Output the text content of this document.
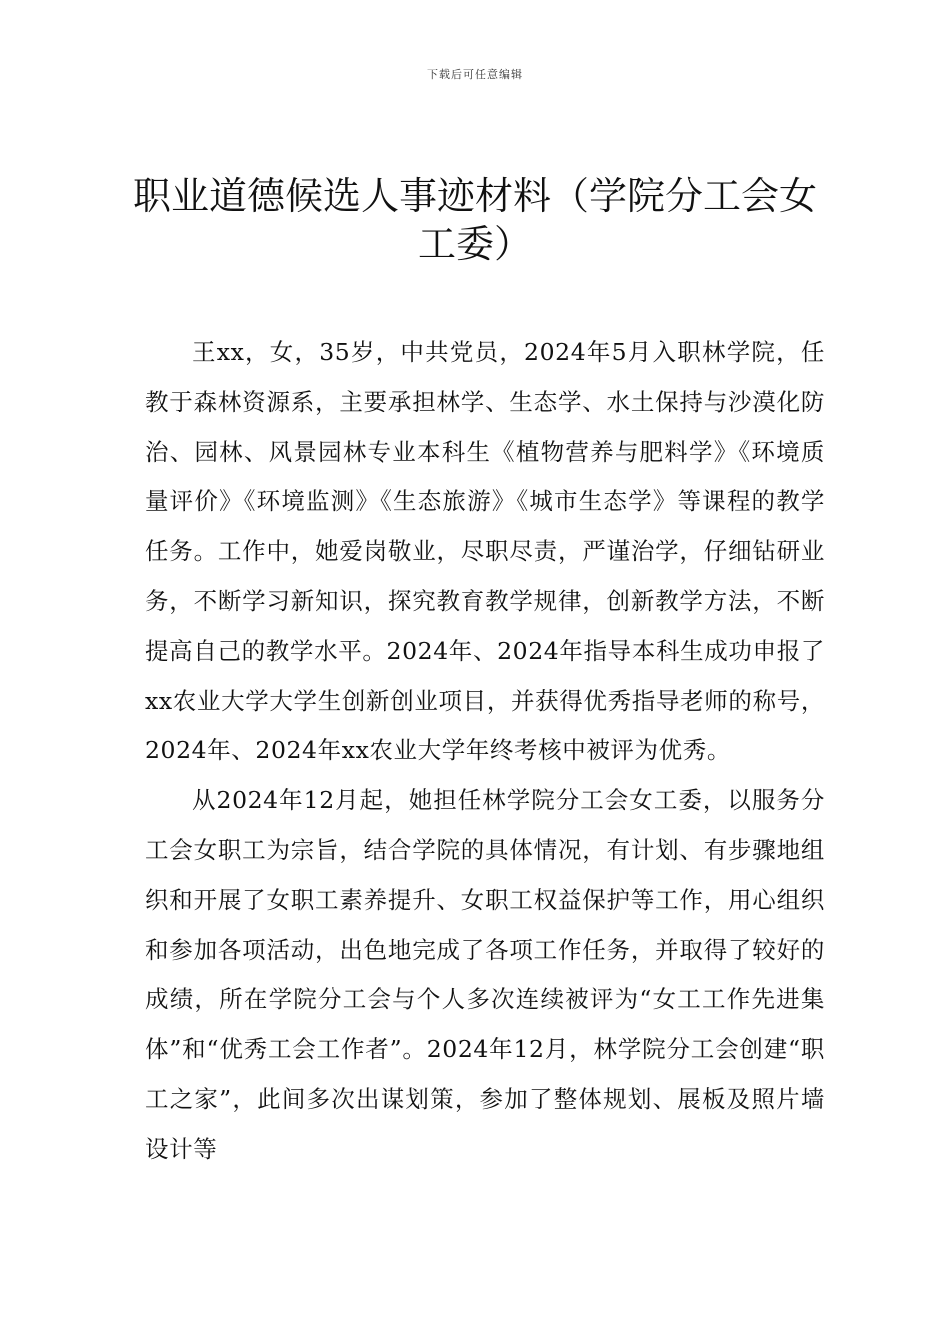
下载后可任意编辑
职业道德候选人事迹材料（学院分工会女
工委）

王xx，女，35岁，中共党员，2024年5月入职林学院，任教于森林资源系，主要承担林学、生态学、水土保持与沙漠化防治、园林、风景园林专业本科生《植物营养与肥料学》《环境质量评价》《环境监测》《生态旅游》《城市生态学》等课程的教学任务。工作中，她爱岗敬业，尽职尽责，严谨治学，仔细钻研业务，不断学习新知识，探究教育教学规律，创新教学方法，不断提高自己的教学水平。2024年、2024年指导本科生成功申报了xx农业大学大学生创新创业项目，并获得优秀指导老师的称号，2024年、2024年xx农业大学年终考核中被评为优秀。

从2024年12月起，她担任林学院分工会女工委，以服务分工会女职工为宗旨，结合学院的具体情况，有计划、有步骤地组织和开展了女职工素养提升、女职工权益保护等工作，用心组织和参加各项活动，出色地完成了各项工作任务，并取得了较好的成绩，所在学院分工会与个人多次连续被评为“女工工作先进集体”和“优秀工会工作者”。2024年12月，林学院分工会创建“职工之家”，此间多次出谋划策，参加了整体规划、展板及照片墙设计等
